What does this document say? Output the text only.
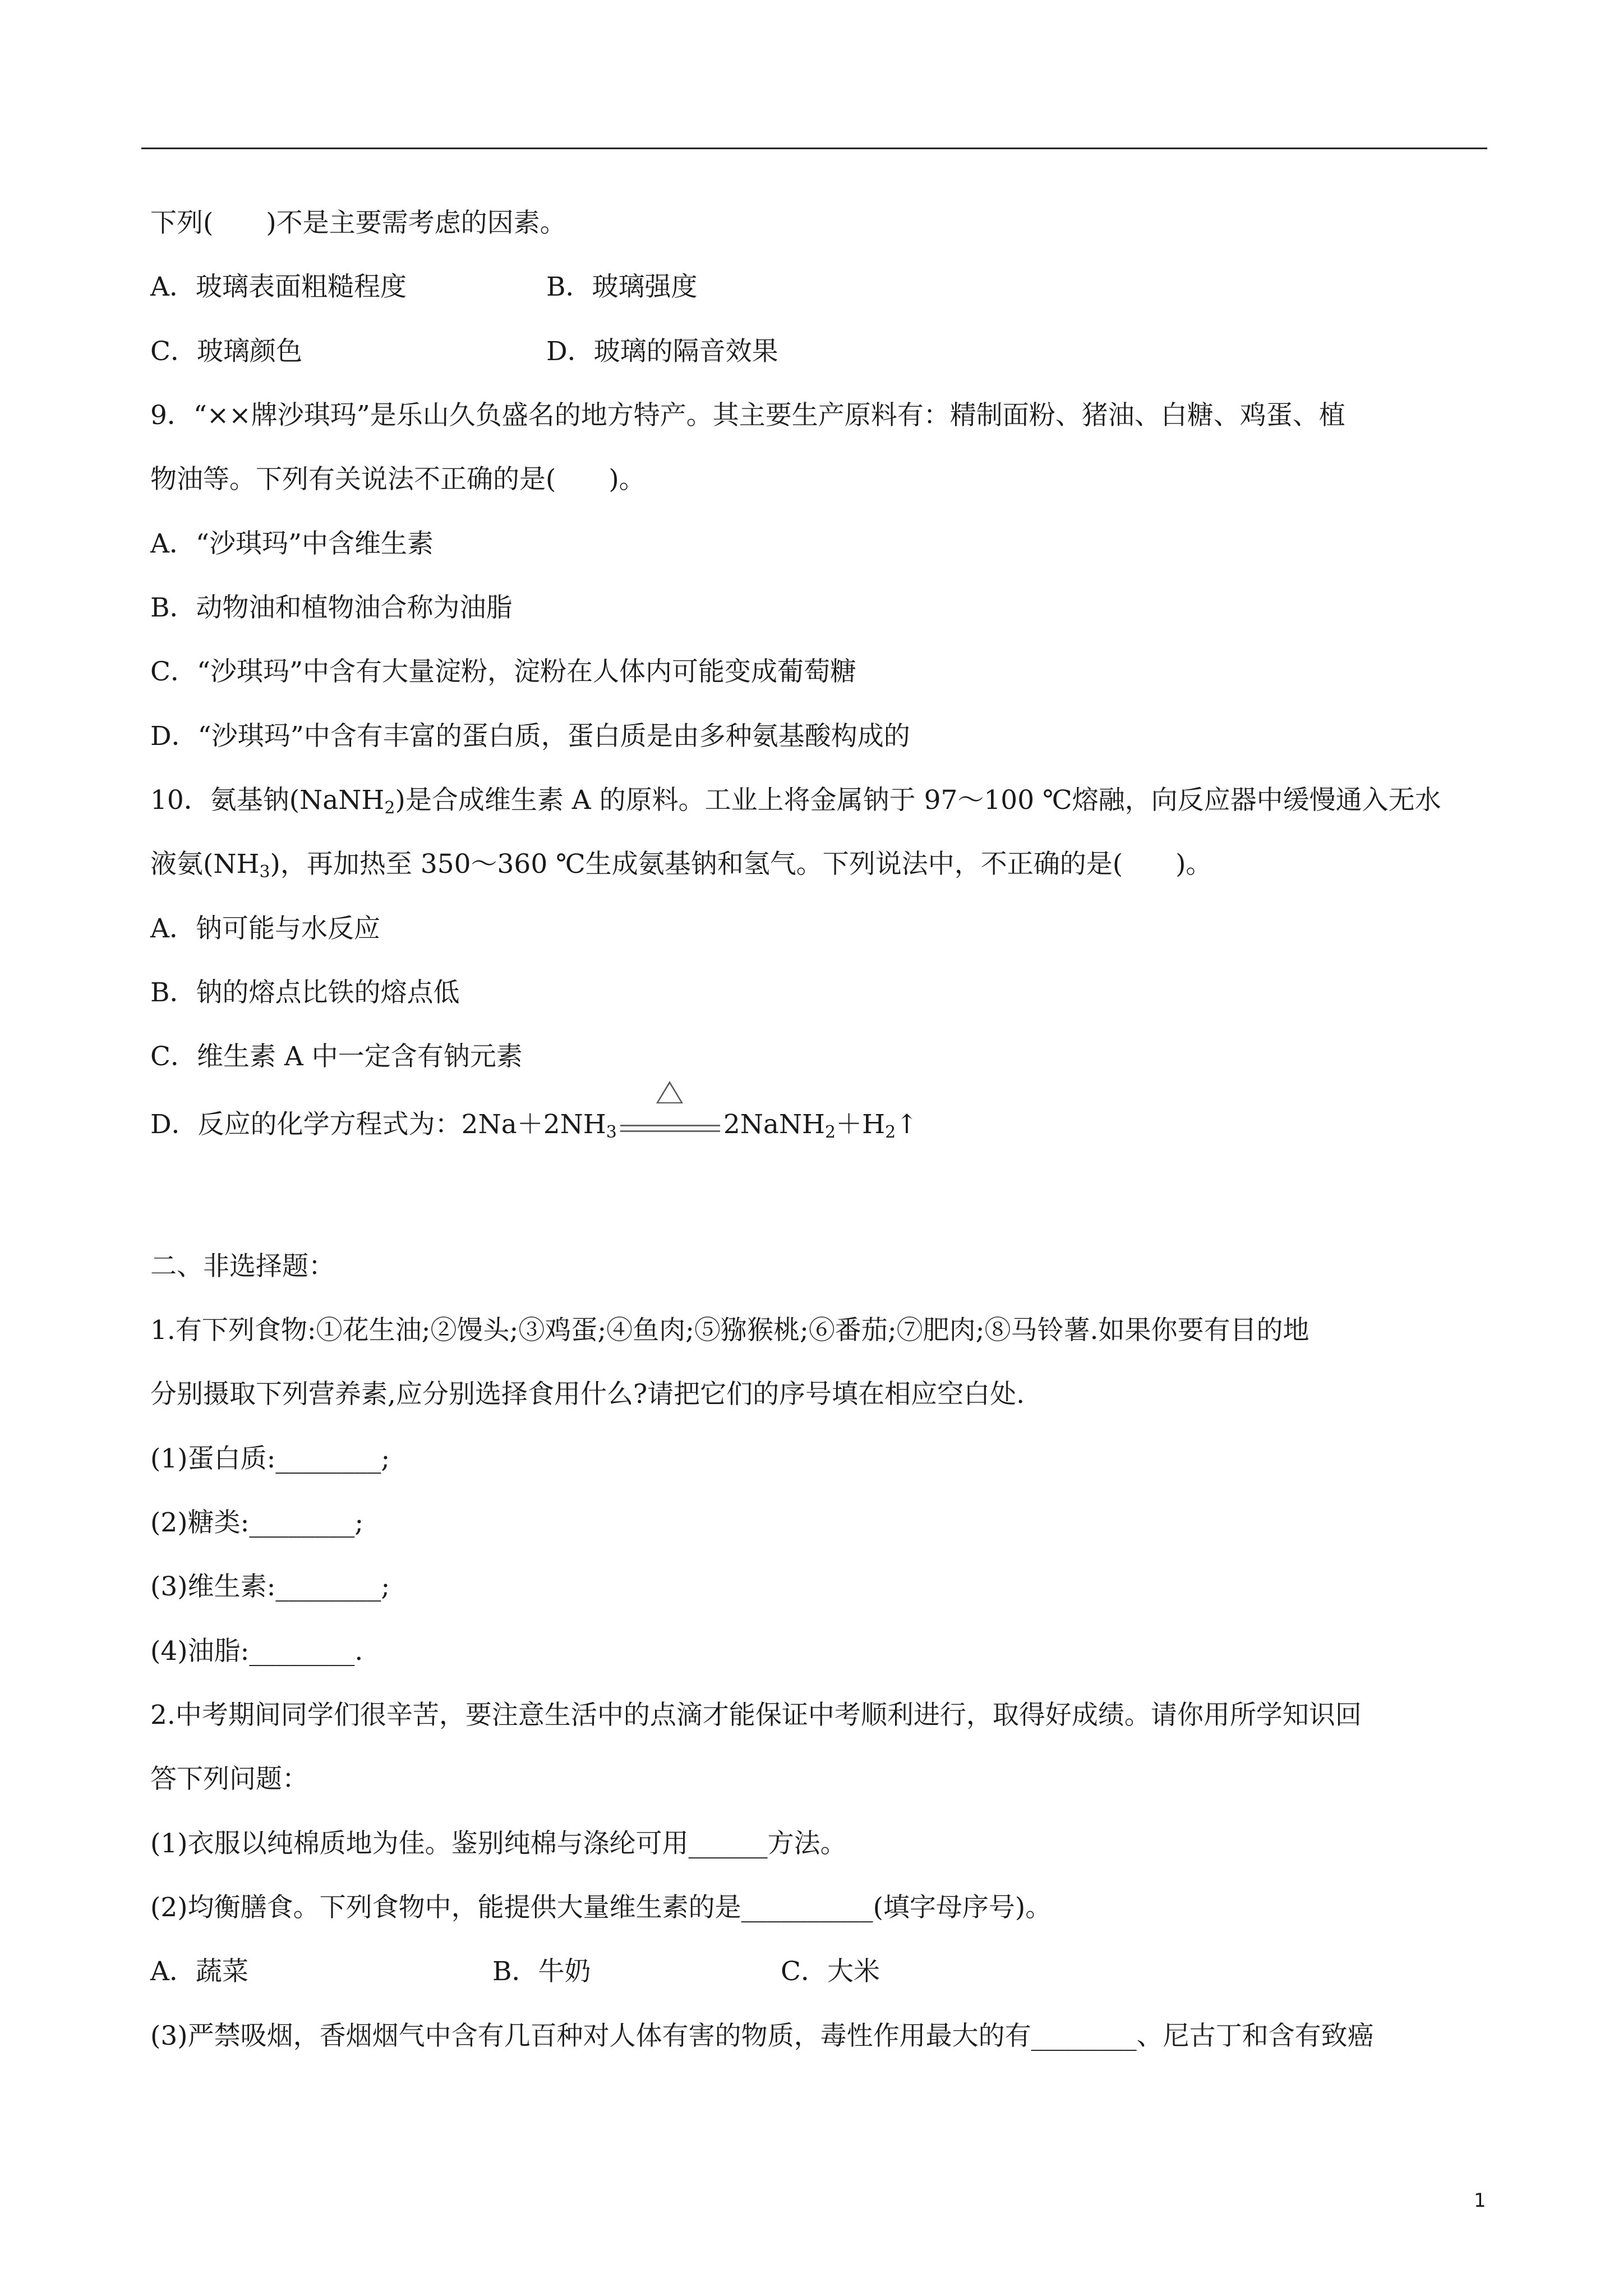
下列(　　)不是主要需考虑的因素。
A．玻璃表面粗糙程度	B．玻璃强度
C．玻璃颜色	D．玻璃的隔音效果
9．“××牌沙琪玛”是乐山久负盛名的地方特产。其主要生产原料有：精制面粉、猪油、白糖、鸡蛋、植
物油等。下列有关说法不正确的是(　　)。
A．“沙琪玛”中含维生素
B．动物油和植物油合称为油脂
C．“沙琪玛”中含有大量淀粉，淀粉在人体内可能变成葡萄糖
D．“沙琪玛”中含有丰富的蛋白质，蛋白质是由多种氨基酸构成的
10．氨基钠(NaNH$_2$)是合成维生素 A 的原料。工业上将金属钠于 97～100 ℃熔融，向反应器中缓慢通入无水
液氨$(NH_3)$，再加热至 350～360 ℃生成氨基钠和氢气。下列说法中，不正确的是(　　)。
A．钠可能与水反应
B．钠的熔点比铁的熔点低
C．维生素 A 中一定含有钠元素
D．反应的化学方程式为：$2Na+2NH_3$	$2NaNH_2+H_2↑$
二、非选择题：
1.有下列食物:①花生油;②馒头;③鸡蛋;④鱼肉;⑤猕猴桃;⑥番茄;⑦肥肉;⑧马铃薯.如果你要有目的地
分别摄取下列营养素,应分别选择食用什么?请把它们的序号填在相应空白处.
(1)蛋白质:________;
(2)糖类:________;
(3)维生素:________;
(4)油脂:________.
2.中考期间同学们很辛苦，要注意生活中的点滴才能保证中考顺利进行，取得好成绩。请你用所学知识回
答下列问题：
(1)衣服以纯棉质地为佳。鉴别纯棉与涤纶可用______方法。
(2)均衡膳食。下列食物中，能提供大量维生素的是__________(填字母序号)。
A．蔬菜	B．牛奶	C．大米
(3)严禁吸烟，香烟烟气中含有几百种对人体有害的物质，毒性作用最大的有________、尼古丁和含有致癌
1
